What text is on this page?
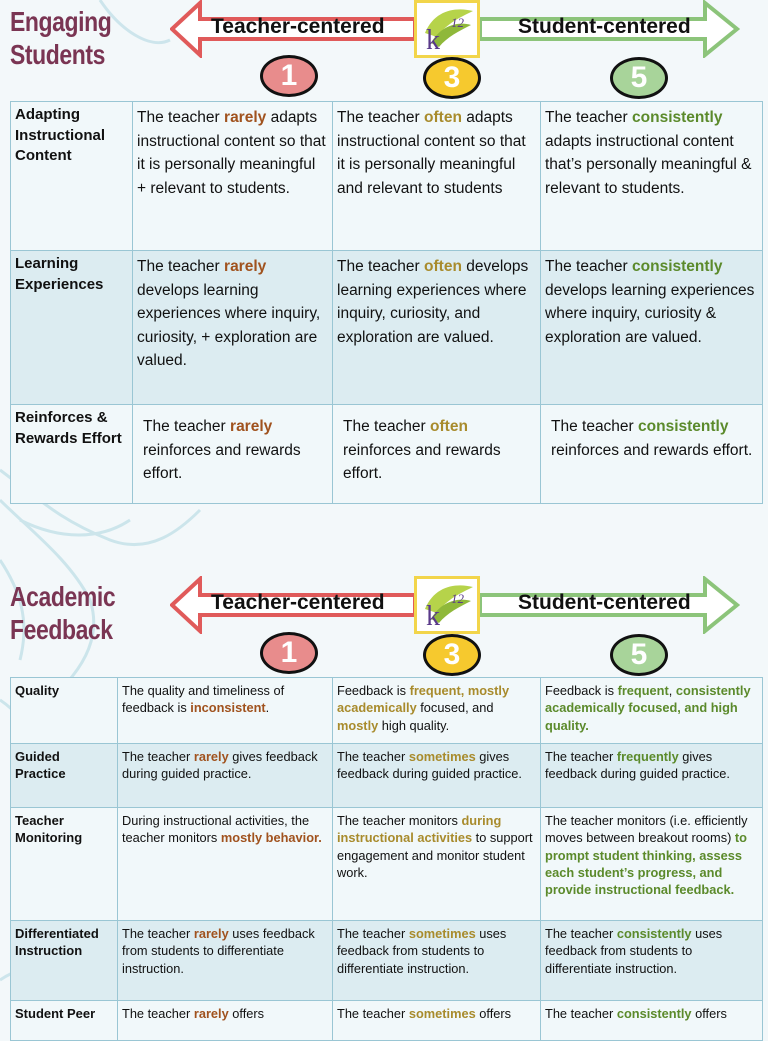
Engaging
Students
Teacher-centered	Student-centered
k
12
1	3	5
Adapting Instructional Content	The teacher rarely adapts instructional content so that it is personally meaningful + relevant to students.	The teacher often adapts instructional content so that it is personally meaningful and relevant to students	The teacher consistently adapts instructional content that’s personally meaningful & relevant to students.
Learning Experiences	The teacher rarely develops learning experiences where inquiry, curiosity, + exploration are valued.	The teacher often develops learning experiences where inquiry, curiosity, and exploration are valued.	The teacher consistently develops learning experiences where inquiry, curiosity & exploration are valued.
Reinforces & Rewards Effort	The teacher rarely reinforces and rewards effort.	The teacher often reinforces and rewards effort.	The teacher consistently reinforces and rewards effort.
Academic
Feedback
Teacher-centered	Student-centered
k
12
1	3	5
Quality	The quality and timeliness of feedback is inconsistent.	Feedback is frequent, mostly academically focused, and mostly high quality.	Feedback is frequent, consistently academically focused, and high quality.
Guided Practice	The teacher rarely gives feedback during guided practice.	The teacher sometimes gives feedback during guided practice.	The teacher frequently gives feedback during guided practice.
Teacher Monitoring	During instructional activities, the teacher monitors mostly behavior.	The teacher monitors during instructional activities to support engagement and monitor student work.	The teacher monitors (i.e. efficiently moves between breakout rooms) to prompt student thinking, assess each student’s progress, and provide instructional feedback.
Differentiated Instruction	The teacher rarely uses feedback from students to differentiate instruction.	The teacher sometimes uses feedback from students to differentiate instruction.	The teacher consistently uses feedback from students to differentiate instruction.
Student Peer	The teacher rarely offers	The teacher sometimes offers	The teacher consistently offers
